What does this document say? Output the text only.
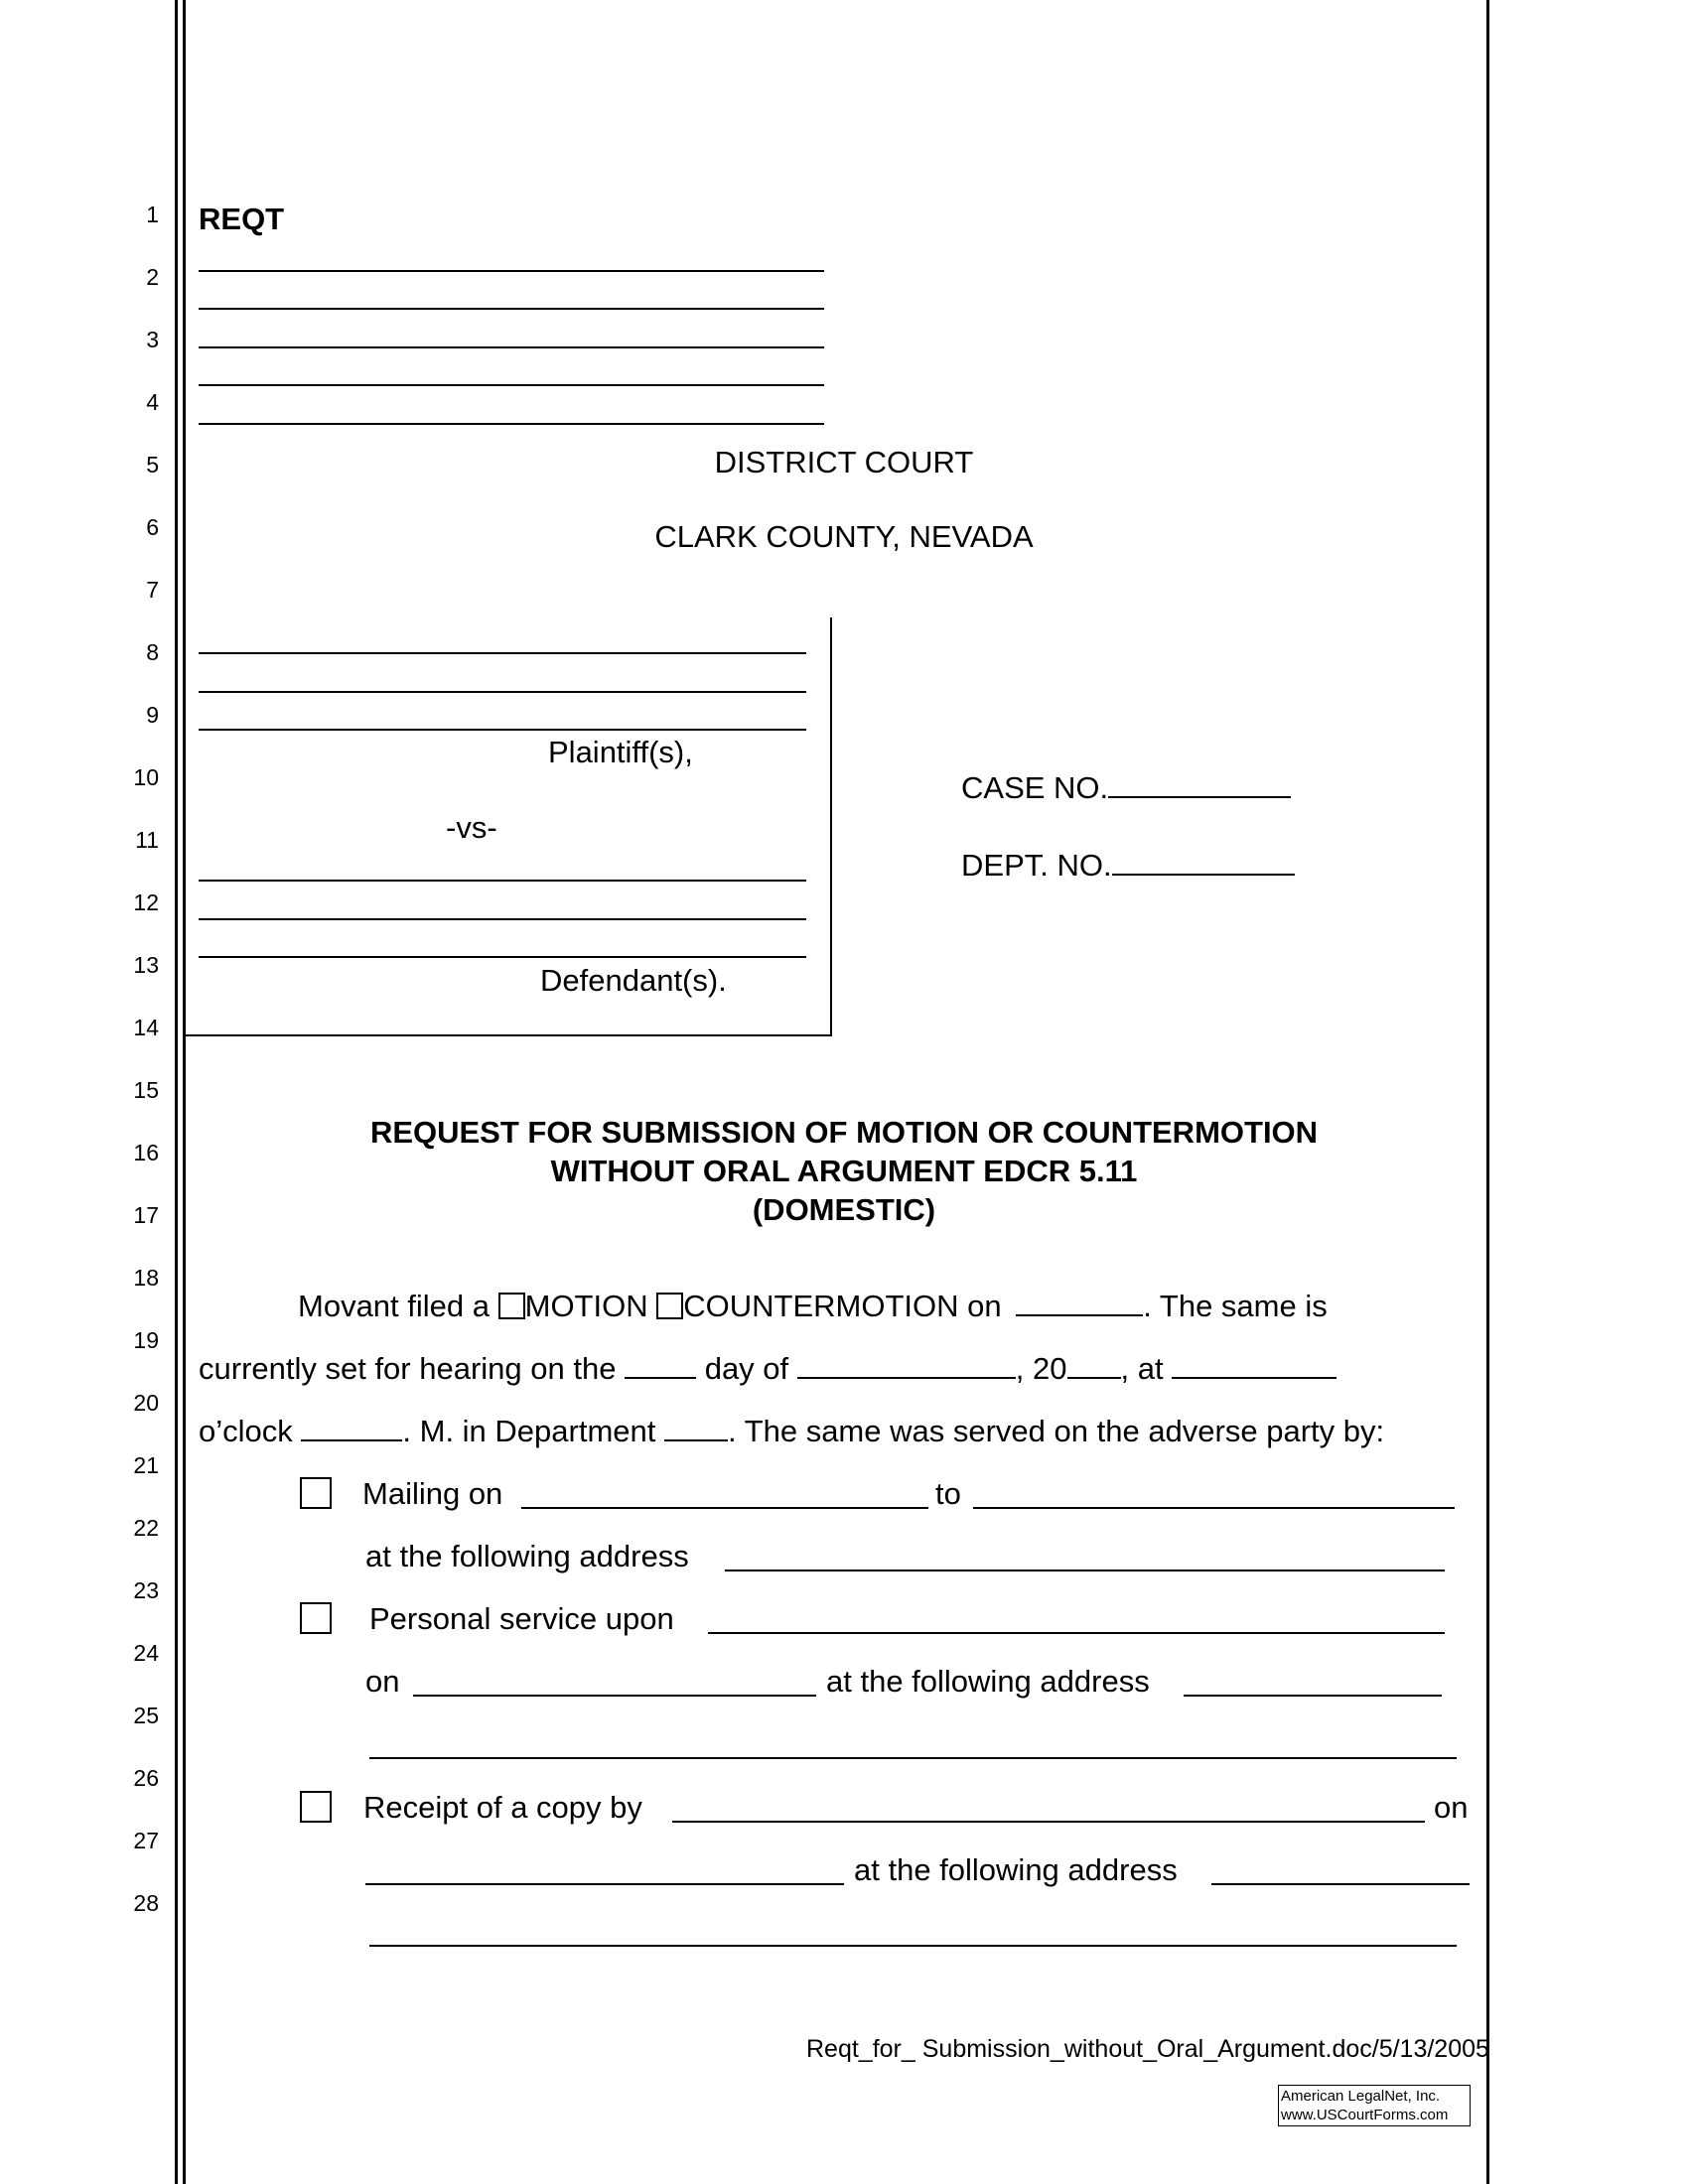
1
2
3
4
5
6
7
8
9
10
11
12
13
14
15
16
17
18
19
20
21
22
23
24
25
26
27
28
REQT
DISTRICT COURT
CLARK COUNTY, NEVADA
Plaintiff(s),
-vs-
Defendant(s).
CASE NO.
DEPT. NO.
REQUEST FOR SUBMISSION OF MOTION OR COUNTERMOTION
WITHOUT ORAL ARGUMENT EDCR 5.11
(DOMESTIC)
Movant filed a MOTION COUNTERMOTION on	. The same is
currently set for hearing on the	day of	, 20 , at
o’clock	. M. in Department . The same was served on the adverse party by:
Mailing on	to
at the following address
Personal service upon
on	at the following address
Receipt of a copy by	on
at the following address
Reqt_for_ Submission_without_Oral_Argument.doc/5/13/2005
American LegalNet, Inc.
www.USCourtForms.com
